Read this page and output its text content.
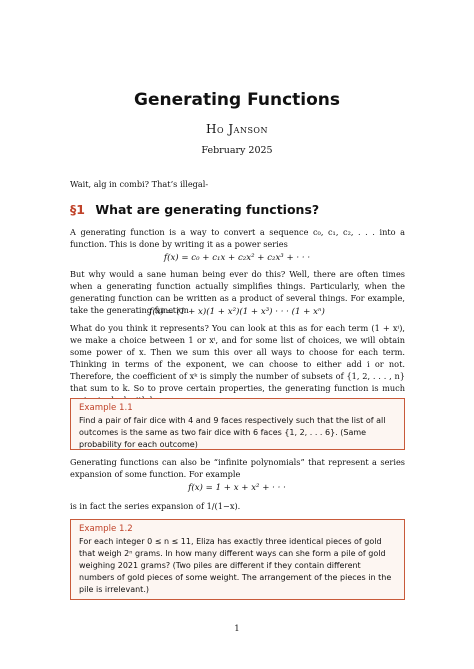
Generating Functions
Ho Janson
February 2025
Wait, alg in combi? That’s illegal-
§1 What are generating functions?
A generating function is a way to convert a sequence c₀, c₁, c₂, . . . into a function. This is done by writing it as a power series
f(x) = c₀ + c₁x + c₂x² + c₂x³ + · · ·
But why would a sane human being ever do this? Well, there are often times when a generating function actually simplifies things. Particularly, when the generating function can be written as a product of several things. For example, take the generating function
f(x) = (1 + x)(1 + x²)(1 + x³) · · · (1 + xⁿ)
What do you think it represents? You can look at this as for each term (1 + xⁱ), we make a choice between 1 or xⁱ, and for some list of choices, we will obtain some power of x. Then we sum this over all ways to choose for each term. Thinking in terms of the exponent, we can choose to either add i or not. Therefore, the coefficient of xᵏ is simply the number of subsets of {1, 2, . . . , n} that sum to k. So to prove certain properties, the generating function is much
Example 1.1
Find a pair of fair dice with 4 and 9 faces respectively such that the list of all outcomes is the same as two fair dice with 6 faces {1, 2, . . . 6}. (Same probability for each outcome)
Generating functions can also be “infinite polynomials” that represent a series expansion of some function. For example
f(x) = 1 + x + x² + · · ·
is in fact the series expansion of 1/(1−x).
Example 1.2
For each integer 0 ≤ n ≤ 11, Eliza has exactly three identical pieces of gold that weigh 2ⁿ grams. In how many different ways can she form a pile of gold weighing 2021 grams? (Two piles are different if they contain different numbers of gold pieces of some weight. The arrangement of the pieces in the pile is irrelevant.)
1
